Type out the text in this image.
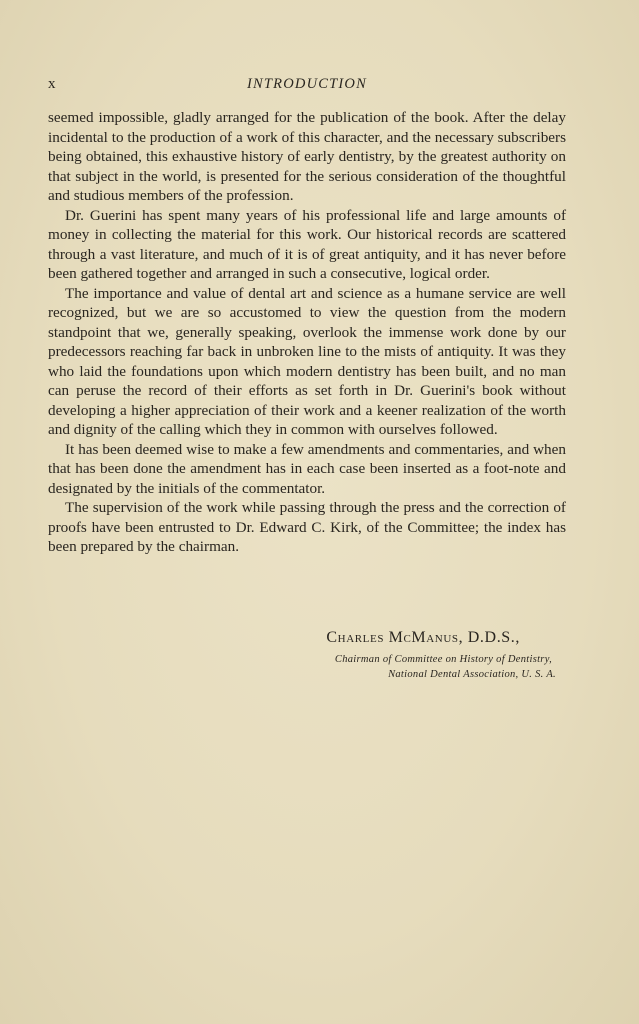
x	INTRODUCTION

seemed impossible, gladly arranged for the publication of the book. After the delay incidental to the production of a work of this character, and the necessary subscribers being obtained, this exhaustive history of early dentistry, by the greatest authority on that subject in the world, is presented for the serious consideration of the thoughtful and studious members of the profession.

Dr. Guerini has spent many years of his professional life and large amounts of money in collecting the material for this work. Our historical records are scattered through a vast literature, and much of it is of great antiquity, and it has never before been gathered together and arranged in such a consecutive, logical order.

The importance and value of dental art and science as a humane service are well recognized, but we are so accustomed to view the question from the modern standpoint that we, generally speaking, overlook the immense work done by our predecessors reaching far back in unbroken line to the mists of antiquity. It was they who laid the foundations upon which modern dentistry has been built, and no man can peruse the record of their efforts as set forth in Dr. Guerini's book without developing a higher appreciation of their work and a keener realization of the worth and dignity of the calling which they in common with ourselves followed.

It has been deemed wise to make a few amendments and commentaries, and when that has been done the amendment has in each case been inserted as a foot-note and designated by the initials of the commentator.

The supervision of the work while passing through the press and the correction of proofs have been entrusted to Dr. Edward C. Kirk, of the Committee; the index has been prepared by the chairman.

Charles McManus, D.D.S.,
Chairman of Committee on History of Dentistry,
National Dental Association, U. S. A.
